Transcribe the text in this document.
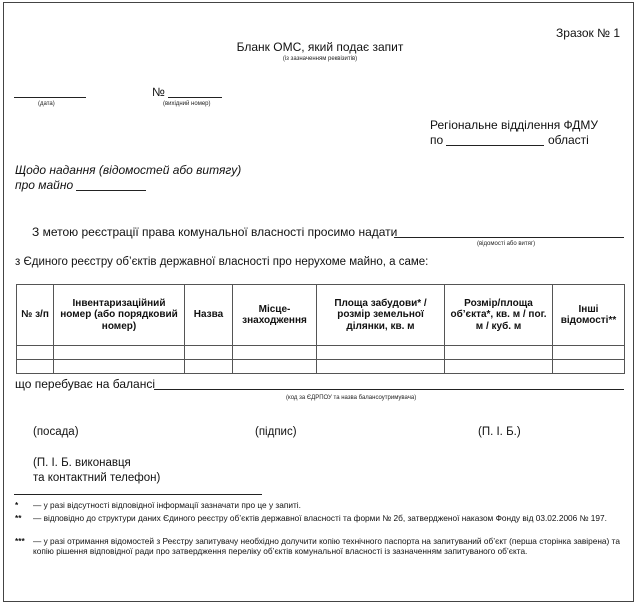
Зразок № 1
Бланк ОМС, який подає запит
(із зазначенням реквізитів)
(дата)
№
(вихідний номер)
Регіональне відділення ФДМУ
по	області
Щодо надання (відомостей або витягу)
про майно
З метою реєстрації права комунальної власності просимо надати
(відомості або витяг)
з Єдиного реєстру об’єктів державної власності про нерухоме майно, а саме:
№ з/п	Інвентаризаційний номер (або порядковий номер)	Назва	Місце-знаходження	Площа забудови* / розмір земельної ділянки, кв. м	Розмір/площа об’єкта*, кв. м / пог. м / куб. м	Інші відомості**

що перебуває на балансі
(код за ЄДРПОУ та назва балансоутримувача)
(посада)	(підпис)	(П. І. Б.)
(П. І. Б. виконавця
та контактний телефон)
* — у разі відсутності відповідної інформації зазначати про це у запиті.
** — відповідно до структури даних Єдиного реєстру об’єктів державної власності та форми № 2б, затвердженої наказом Фонду від 03.02.2006 № 197.
*** — у разі отримання відомостей з Реєстру запитувачу необхідно долучити копію технічного паспорта на запитуваний об’єкт (перша сторінка завірена) та копію рішення відповідної ради про затвердження переліку об’єктів комунальної власності із зазначенням запитуваного об’єкта.
